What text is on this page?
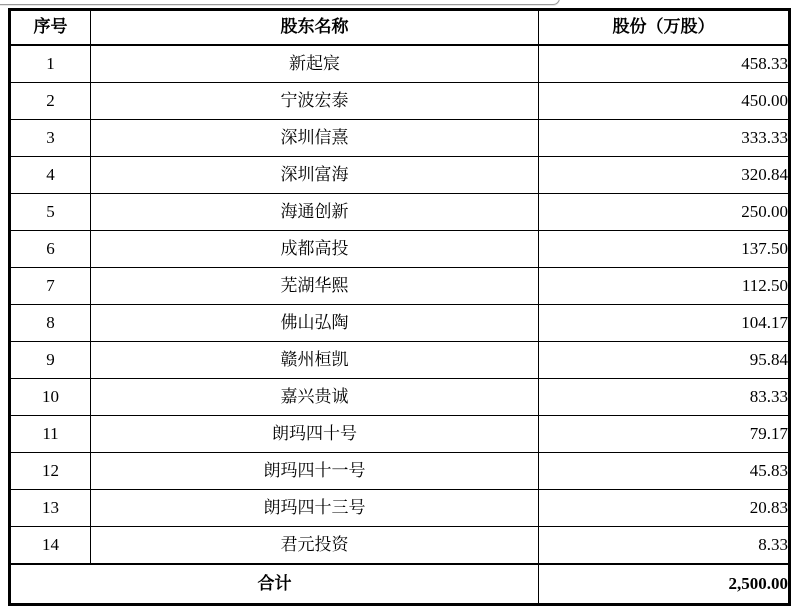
序号	股东名称	股份（万股）
1	新起宸	458.33
2	宁波宏泰	450.00
3	深圳信熹	333.33
4	深圳富海	320.84
5	海通创新	250.00
6	成都高投	137.50
7	芜湖华熙	112.50
8	佛山弘陶	104.17
9	赣州桓凯	95.84
10	嘉兴贵诚	83.33
11	朗玛四十号	79.17
12	朗玛四十一号	45.83
13	朗玛四十三号	20.83
14	君元投资	8.33
合计		2,500.00
